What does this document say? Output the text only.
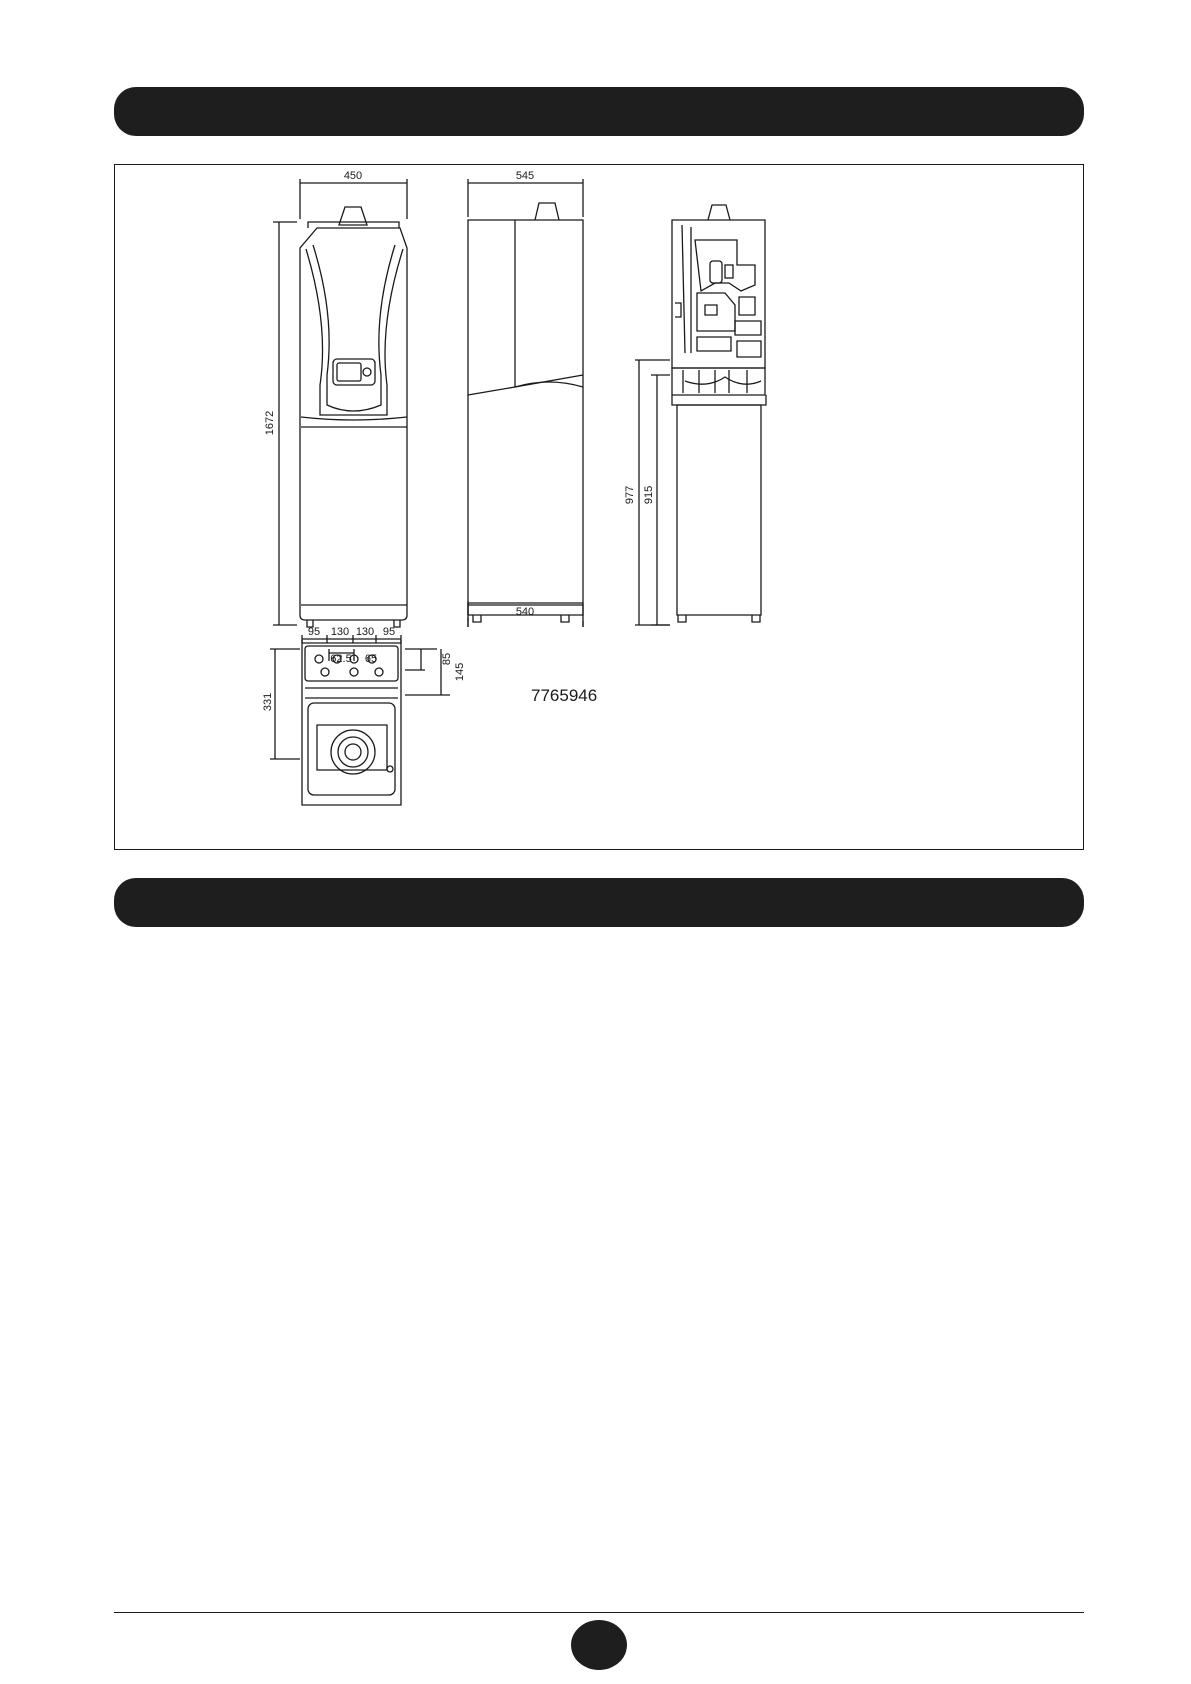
450	545
540
1672
977 915
331
95 130 130 95
62.5 65	85
145
7765946
